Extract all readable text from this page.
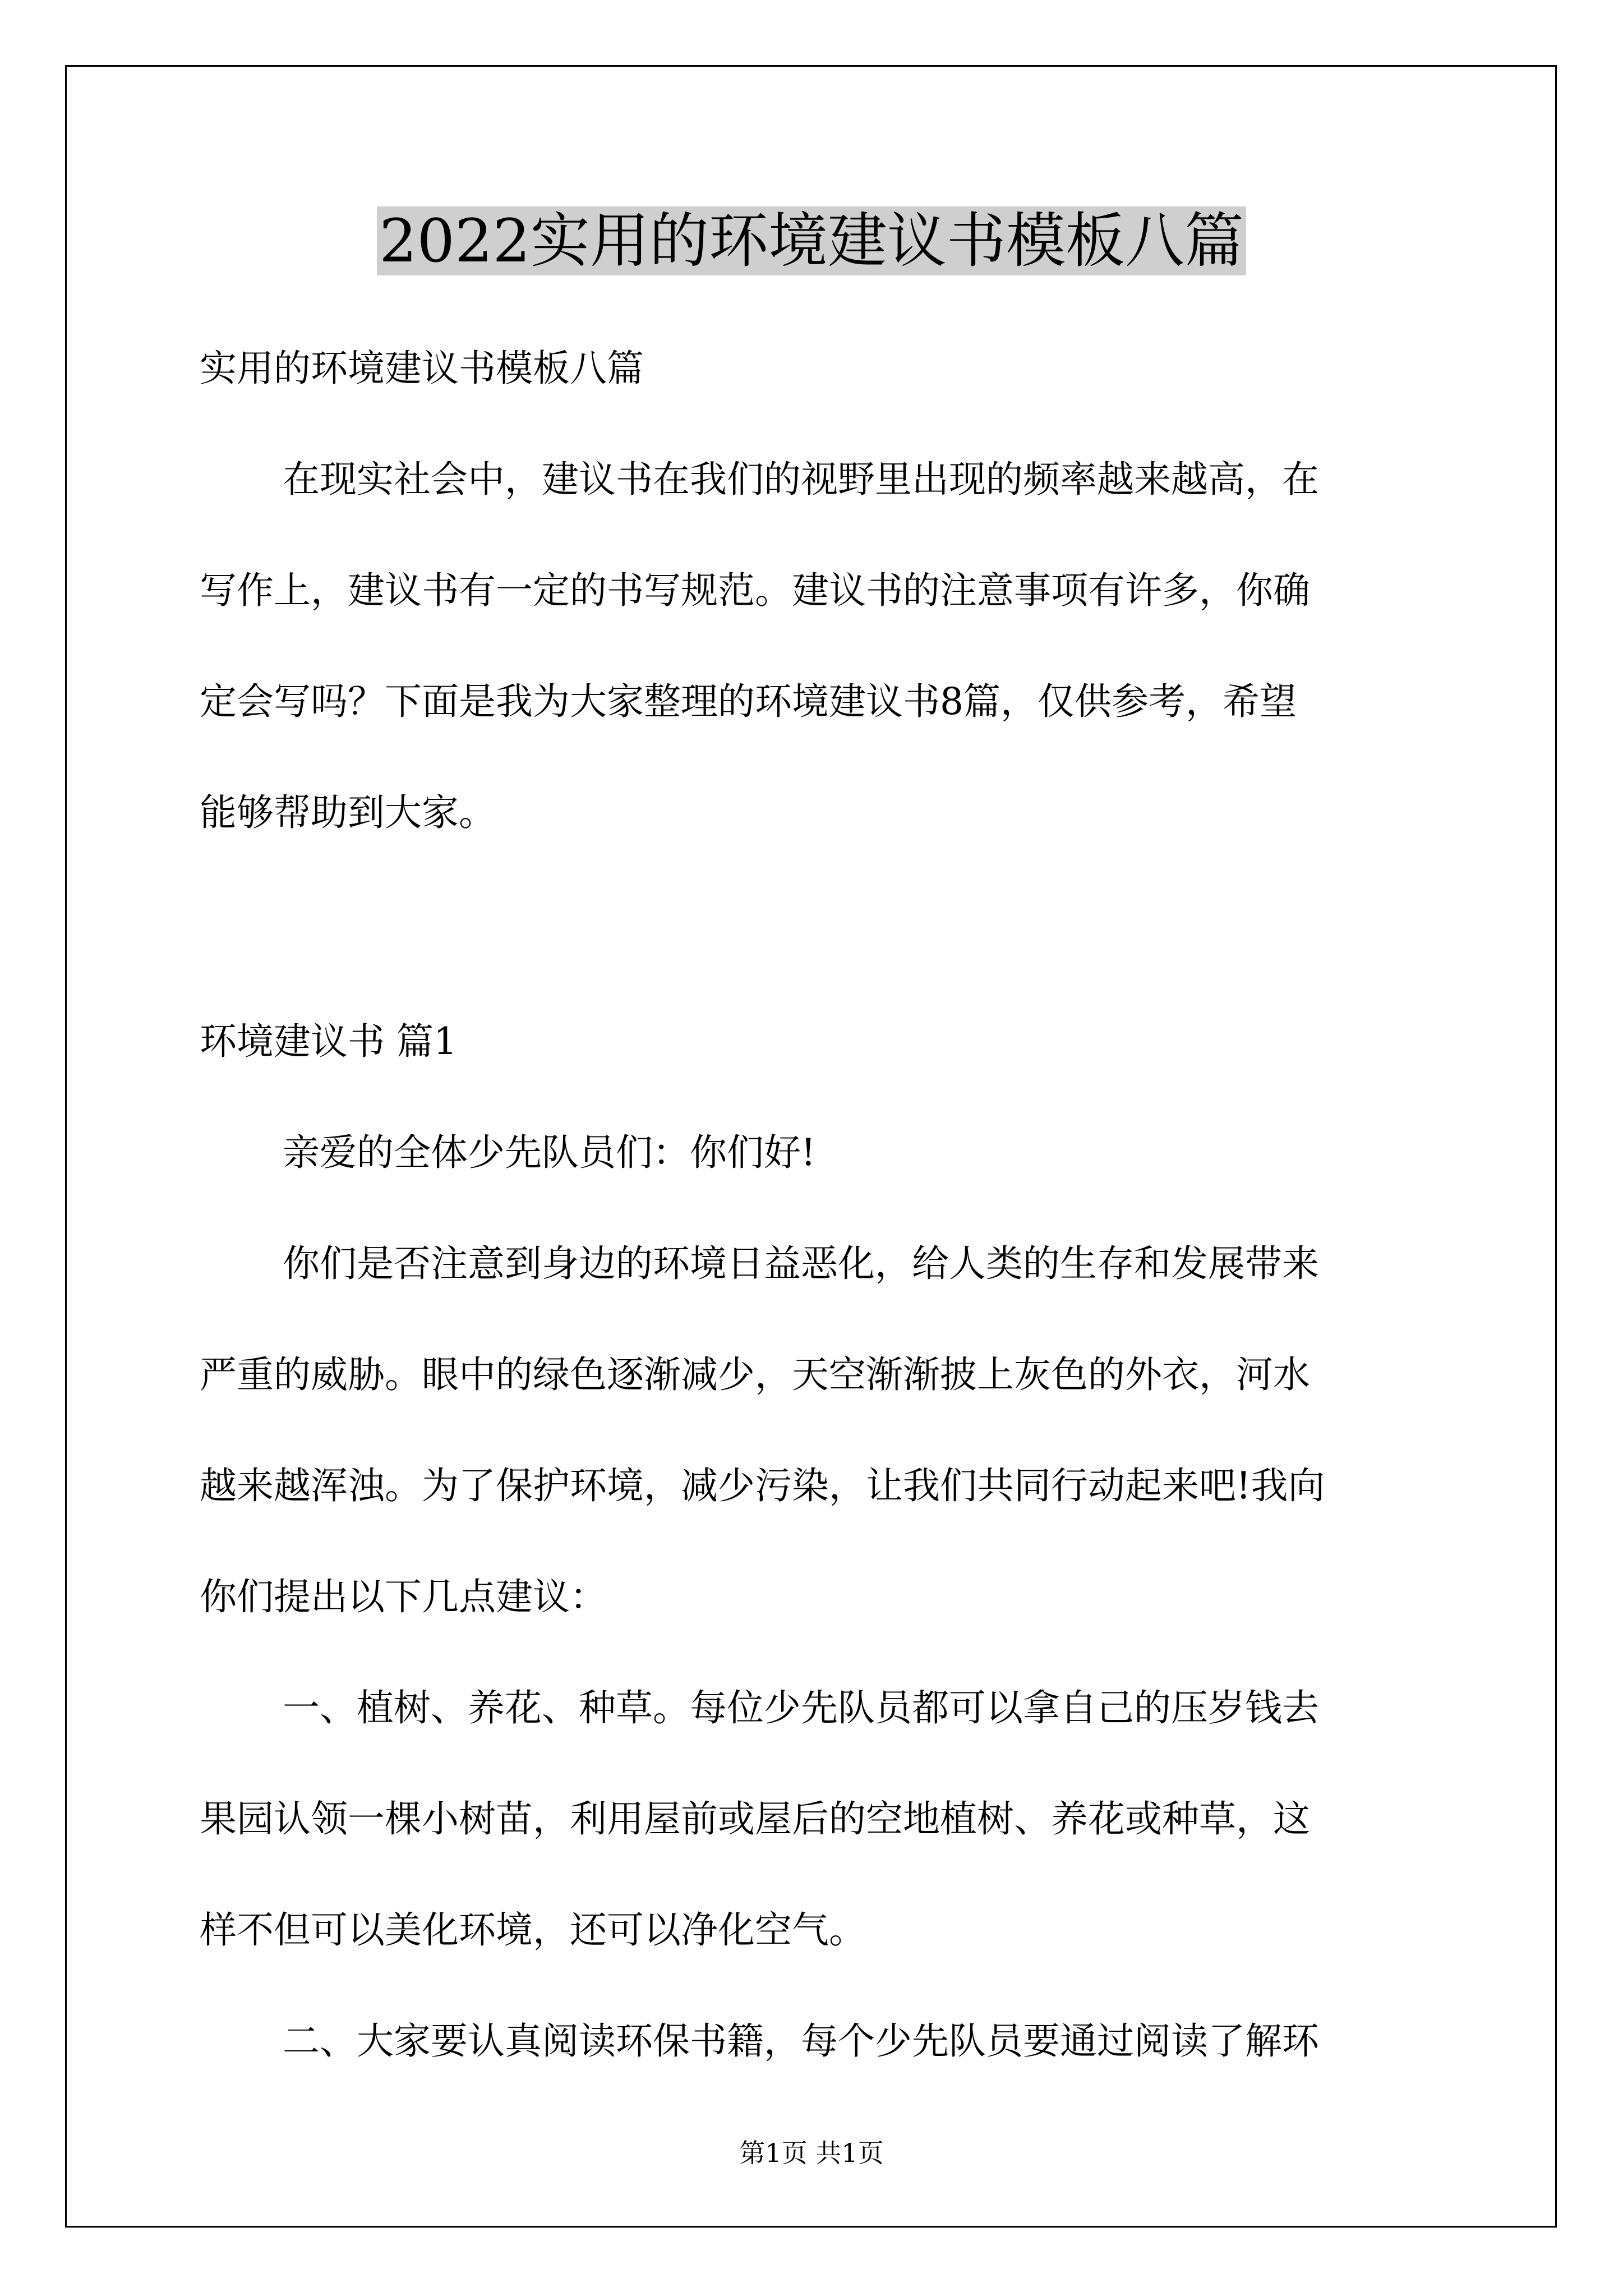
2022实用的环境建议书模板八篇
实用的环境建议书模板八篇
在现实社会中，建议书在我们的视野里出现的频率越来越高，在
写作上，建议书有一定的书写规范。建议书的注意事项有许多，你确
定会写吗？下面是我为大家整理的环境建议书8篇，仅供参考，希望
能够帮助到大家。
环境建议书 篇1
亲爱的全体少先队员们：你们好!
你们是否注意到身边的环境日益恶化，给人类的生存和发展带来
严重的威胁。眼中的绿色逐渐减少，天空渐渐披上灰色的外衣，河水
越来越浑浊。为了保护环境，减少污染，让我们共同行动起来吧!我向
你们提出以下几点建议：
一、植树、养花、种草。每位少先队员都可以拿自己的压岁钱去
果园认领一棵小树苗，利用屋前或屋后的空地植树、养花或种草，这
样不但可以美化环境，还可以净化空气。
二、大家要认真阅读环保书籍，每个少先队员要通过阅读了解环
第1页 共1页
